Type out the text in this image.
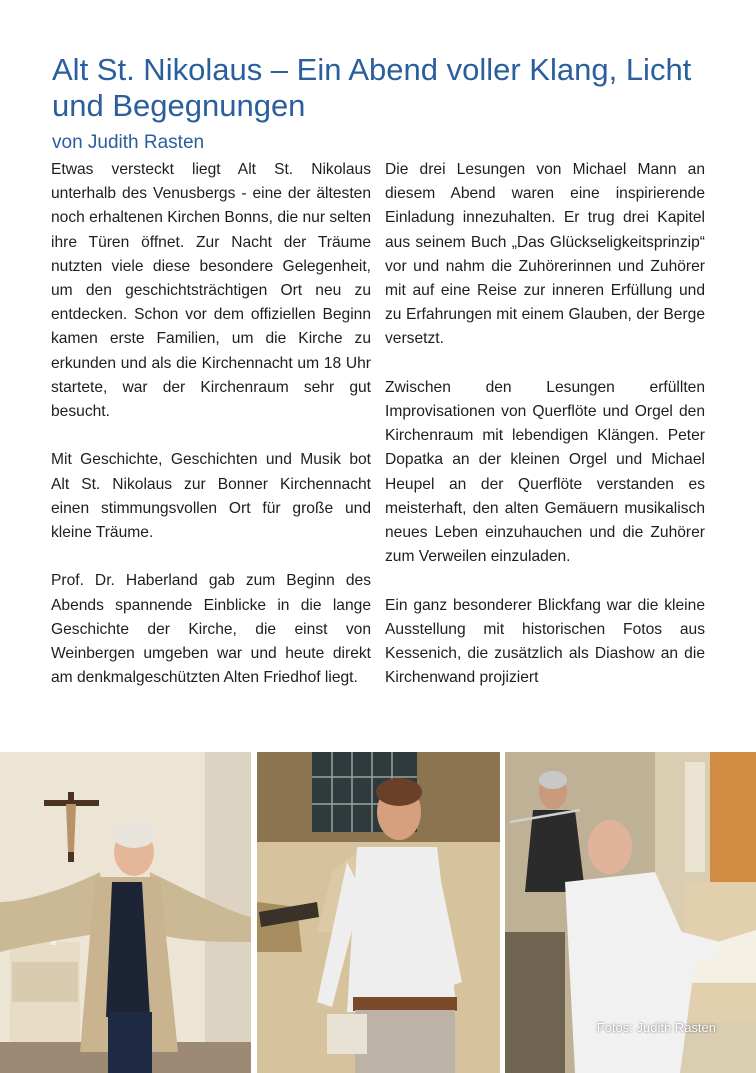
Alt St. Nikolaus – Ein Abend voller Klang, Licht und Begegnungen
von Judith Rasten

Etwas versteckt liegt Alt St. Nikolaus unterhalb des Venusbergs - eine der ältesten noch erhaltenen Kirchen Bonns, die nur selten ihre Türen öffnet. Zur Nacht der Träume nutzten viele diese besondere Gelegenheit, um den geschichtsträchtigen Ort neu zu entdecken. Schon vor dem offiziellen Beginn kamen erste Familien, um die Kirche zu erkunden und als die Kirchennacht um 18 Uhr startete, war der Kirchenraum sehr gut besucht.

Mit Geschichte, Geschichten und Musik bot Alt St. Nikolaus zur Bonner Kirchennacht einen stimmungsvollen Ort für große und kleine Träume.

Prof. Dr. Haberland gab zum Beginn des Abends spannende Einblicke in die lange Geschichte der Kirche, die einst von Weinbergen umgeben war und heute direkt am denkmalgeschützten Alten Friedhof liegt.

Die drei Lesungen von Michael Mann an diesem Abend waren eine inspirierende Einladung innezuhalten. Er trug drei Kapitel aus seinem Buch „Das Glückseligkeitsprinzip“ vor und nahm die Zuhörerinnen und Zuhörer mit auf eine Reise zur inneren Erfüllung und zu Erfahrungen mit einem Glauben, der Berge versetzt.

Zwischen den Lesungen erfüllten Improvisationen von Querflöte und Orgel den Kirchenraum mit lebendigen Klängen. Peter Dopatka an der kleinen Orgel und Michael Heupel an der Querflöte verstanden es meisterhaft, den alten Gemäuern musikalisch neues Leben einzuhauchen und die Zuhörer zum Verweilen einzuladen.

Ein ganz besonderer Blickfang war die kleine Ausstellung mit historischen Fotos aus Kessenich, die zusätzlich als Diashow an die Kirchenwand projiziert

Fotos: Judith Rasten
